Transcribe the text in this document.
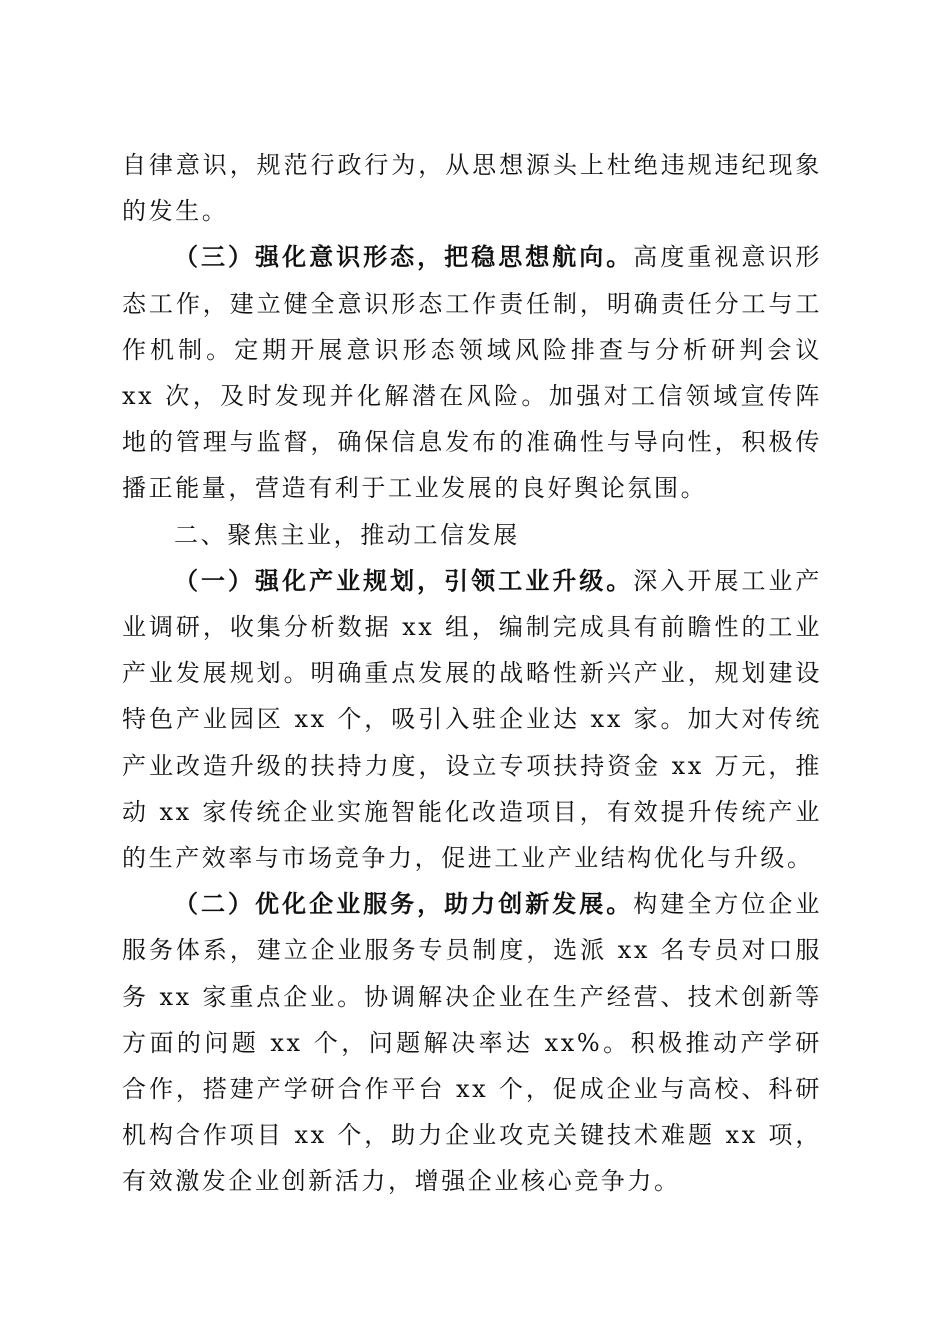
自律意识，规范行政行为，从思想源头上杜绝违规违纪现象的发生。

（三）强化意识形态，把稳思想航向。高度重视意识形态工作，建立健全意识形态工作责任制，明确责任分工与工作机制。定期开展意识形态领域风险排查与分析研判会议 xx 次，及时发现并化解潜在风险。加强对工信领域宣传阵地的管理与监督，确保信息发布的准确性与导向性，积极传播正能量，营造有利于工业发展的良好舆论氛围。

二、聚焦主业，推动工信发展

（一）强化产业规划，引领工业升级。深入开展工业产业调研，收集分析数据 xx 组，编制完成具有前瞻性的工业产业发展规划。明确重点发展的战略性新兴产业，规划建设特色产业园区 xx 个，吸引入驻企业达 xx 家。加大对传统产业改造升级的扶持力度，设立专项扶持资金 xx 万元，推动 xx 家传统企业实施智能化改造项目，有效提升传统产业的生产效率与市场竞争力，促进工业产业结构优化与升级。

（二）优化企业服务，助力创新发展。构建全方位企业服务体系，建立企业服务专员制度，选派 xx 名专员对口服务 xx 家重点企业。协调解决企业在生产经营、技术创新等方面的问题 xx 个，问题解决率达 xx%。积极推动产学研合作，搭建产学研合作平台 xx 个，促成企业与高校、科研机构合作项目 xx 个，助力企业攻克关键技术难题 xx 项，有效激发企业创新活力，增强企业核心竞争力。
